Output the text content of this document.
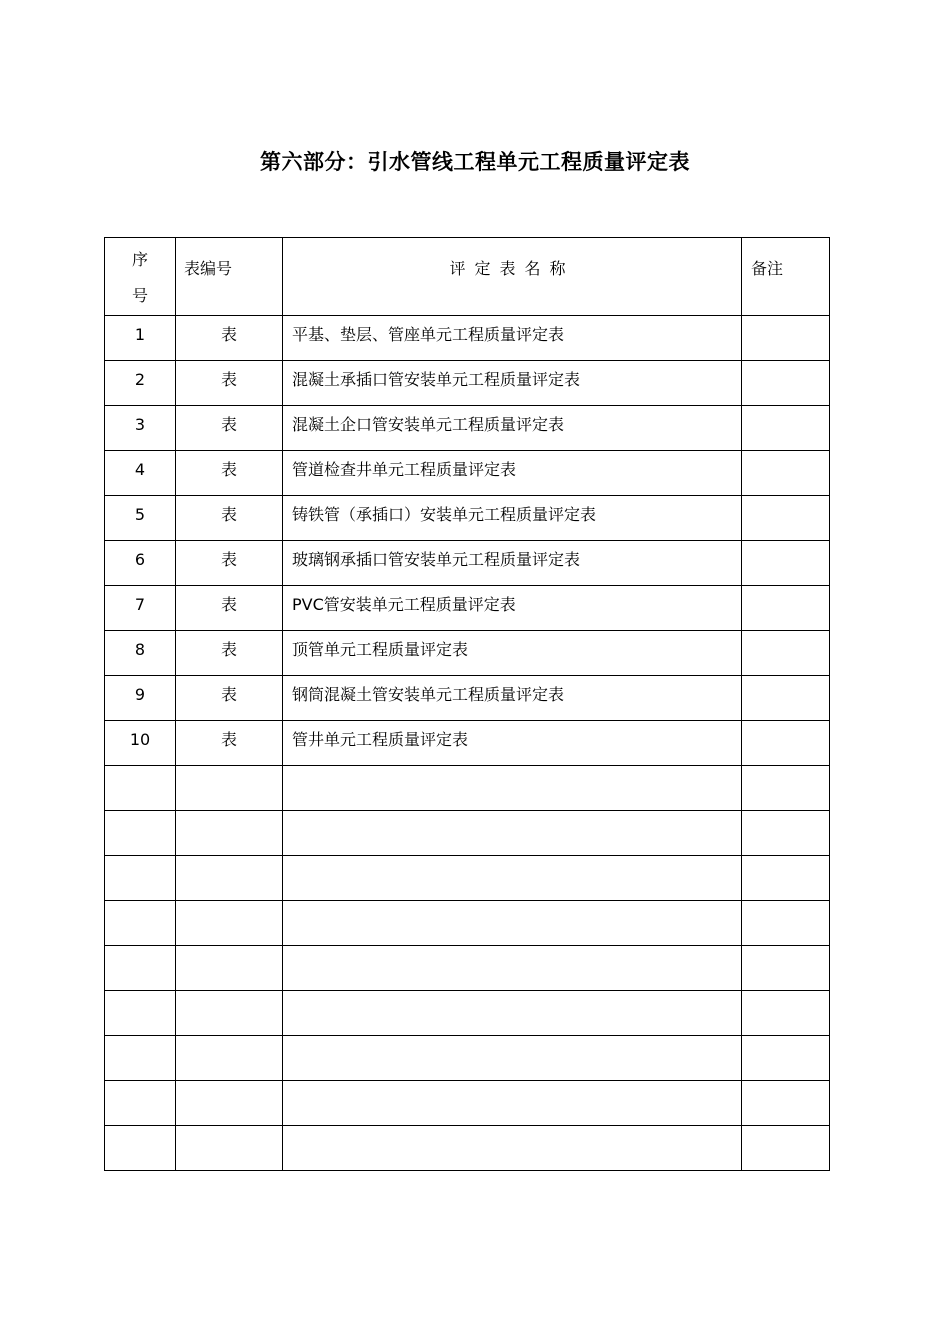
第六部分：引水管线工程单元工程质量评定表
序
号	表编号	评定表名称	备注

1	表	平基、垫层、管座单元工程质量评定表	

2	表	混凝土承插口管安装单元工程质量评定表	

3	表	混凝土企口管安装单元工程质量评定表	

4	表	管道检查井单元工程质量评定表	

5	表	铸铁管（承插口）安装单元工程质量评定表	

6	表	玻璃钢承插口管安装单元工程质量评定表	

7	表	PVC管安装单元工程质量评定表	

8	表	顶管单元工程质量评定表	

9	表	钢筒混凝土管安装单元工程质量评定表	

10	表	管井单元工程质量评定表	
